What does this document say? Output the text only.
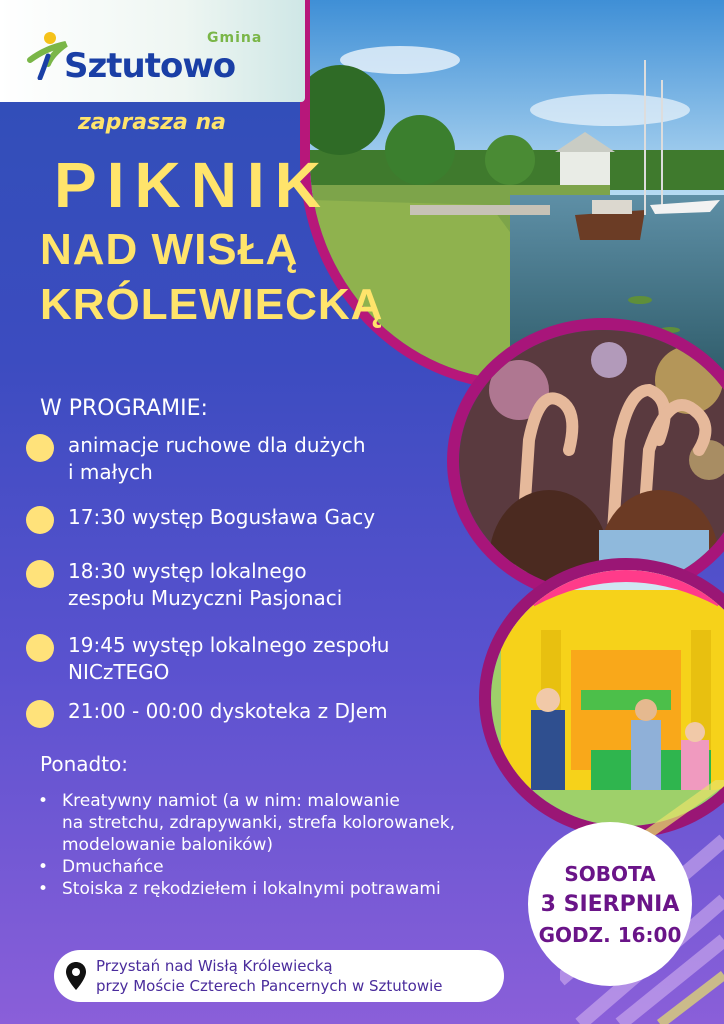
Gmina
Sztutowo
zaprasza na
PIKNIK
NAD WISŁĄ
KRÓLEWIECKĄ
W PROGRAMIE:
animacje ruchowe dla dużych
i małych
17:30 występ Bogusława Gacy
18:30 występ lokalnego
zespołu Muzyczni Pasjonaci
19:45 występ lokalnego zespołu
NICzTEGO
21:00 - 00:00 dyskoteka z DJem
Ponadto:
• Kreatywny namiot (a w nim: malowanie
na stretchu, zdrapywanki, strefa kolorowanek,
modelowanie baloników)
• Dmuchańce
• Stoiska z rękodziełem i lokalnymi potrawami
SOBOTA
3 SIERPNIA
GODZ. 16:00
Przystań nad Wisłą Królewiecką
przy Moście Czterech Pancernych w Sztutowie
